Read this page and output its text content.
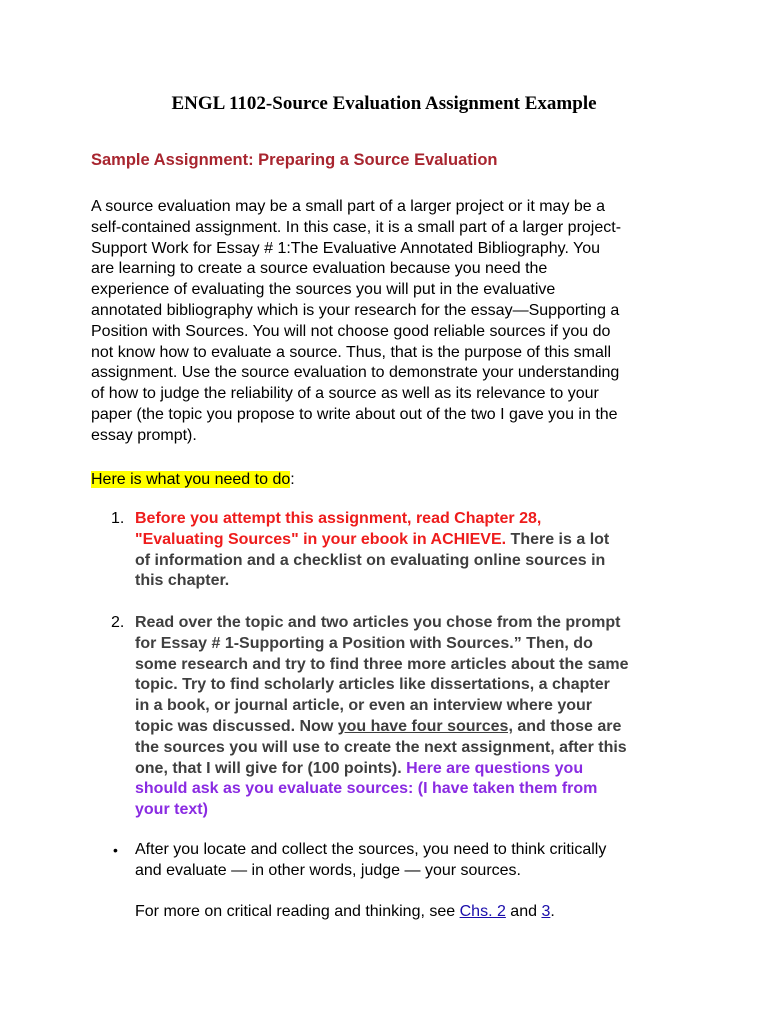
ENGL 1102-Source Evaluation Assignment Example
Sample Assignment: Preparing a Source Evaluation
A source evaluation may be a small part of a larger project or it may be a
self-contained assignment. In this case, it is a small part of a larger project-
Support Work for Essay # 1:The Evaluative Annotated Bibliography. You
are learning to create a source evaluation because you need the
experience of evaluating the sources you will put in the evaluative
annotated bibliography which is your research for the essay—Supporting a
Position with Sources. You will not choose good reliable sources if you do
not know how to evaluate a source. Thus, that is the purpose of this small
assignment. Use the source evaluation to demonstrate your understanding
of how to judge the reliability of a source as well as its relevance to your
paper (the topic you propose to write about out of the two I gave you in the
essay prompt).
Here is what you need to do:
1. Before you attempt this assignment, read Chapter 28,
"Evaluating Sources" in your ebook in ACHIEVE. There is a lot
of information and a checklist on evaluating online sources in
this chapter.
2. Read over the topic and two articles you chose from the prompt
for Essay # 1-Supporting a Position with Sources.” Then, do
some research and try to find three more articles about the same
topic. Try to find scholarly articles like dissertations, a chapter
in a book, or journal article, or even an interview where your
topic was discussed. Now you have four sources, and those are
the sources you will use to create the next assignment, after this
one, that I will give for (100 points). Here are questions you
should ask as you evaluate sources: (I have taken them from
your text)
• After you locate and collect the sources, you need to think critically
and evaluate — in other words, judge — your sources.
For more on critical reading and thinking, see Chs. 2 and 3.
